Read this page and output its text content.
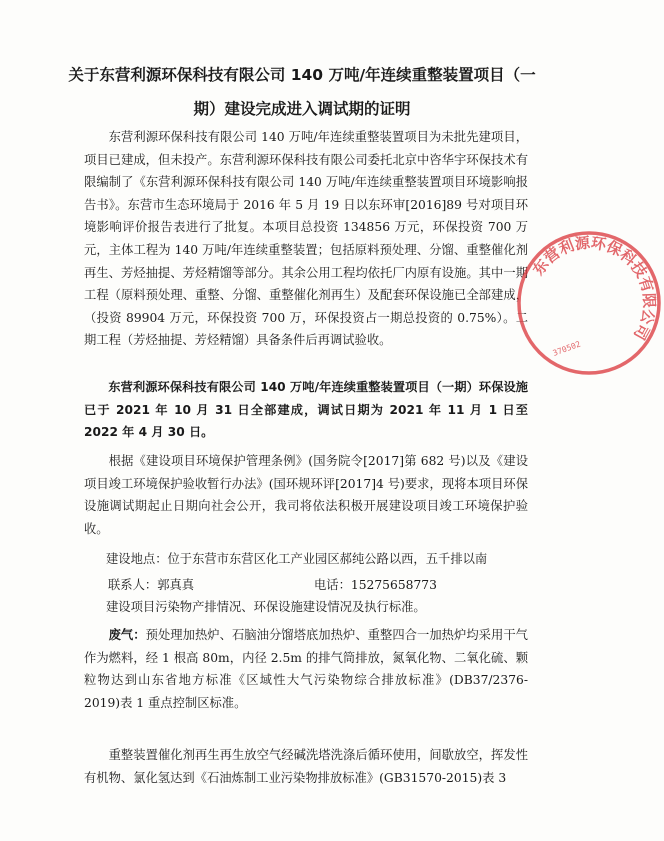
关于东营利源环保科技有限公司 140 万吨/年连续重整装置项目（一期）建设完成进入调试期的证明

东营利源环保科技有限公司 140 万吨/年连续重整装置项目为未批先建项目，项目已建成，但未投产。东营利源环保科技有限公司委托北京中咨华宇环保技术有限编制了《东营利源环保科技有限公司 140 万吨/年连续重整装置项目环境影响报告书》。东营市生态环境局于 2016 年 5 月 19 日以东环审[2016]89 号对项目环境影响评价报告表进行了批复。本项目总投资 134856 万元，环保投资 700 万元，主体工程为 140 万吨/年连续重整装置；包括原料预处理、分馏、重整催化剂再生、芳烃抽提、芳烃精馏等部分。其余公用工程均依托厂内原有设施。其中一期工程（原料预处理、重整、分馏、重整催化剂再生）及配套环保设施已全部建成，（投资 89904 万元，环保投资 700 万，环保投资占一期总投资的 0.75%）。二期工程（芳烃抽提、芳烃精馏）具备条件后再调试验收。

东营利源环保科技有限公司 140 万吨/年连续重整装置项目（一期）环保设施已于 2021 年 10 月 31 日全部建成，调试日期为 2021 年 11 月 1 日至 2022 年 4 月 30 日。

根据《建设项目环境保护管理条例》(国务院令[2017]第 682 号)以及《建设项目竣工环境保护验收暂行办法》(国环规环评[2017]4 号)要求，现将本项目环保设施调试期起止日期向社会公开，我司将依法积极开展建设项目竣工环境保护验收。

建设地点：位于东营市东营区化工产业园区郝纯公路以西，五千排以南

联系人：郭真真	电话：15275658773

建设项目污染物产排情况、环保设施建设情况及执行标准。

废气：预处理加热炉、石脑油分馏塔底加热炉、重整四合一加热炉均采用干气作为燃料，经 1 根高 80m，内径 2.5m 的排气筒排放，氮氧化物、二氧化硫、颗粒物达到山东省地方标准《区域性大气污染物综合排放标准》(DB37/2376-2019)表 1 重点控制区标准。

重整装置催化剂再生再生放空气经碱洗塔洗涤后循环使用，间歇放空，挥发性有机物、氯化氢达到《石油炼制工业污染物排放标准》(GB31570-2015)表 3

东营利源环保科技有限公司
370502
